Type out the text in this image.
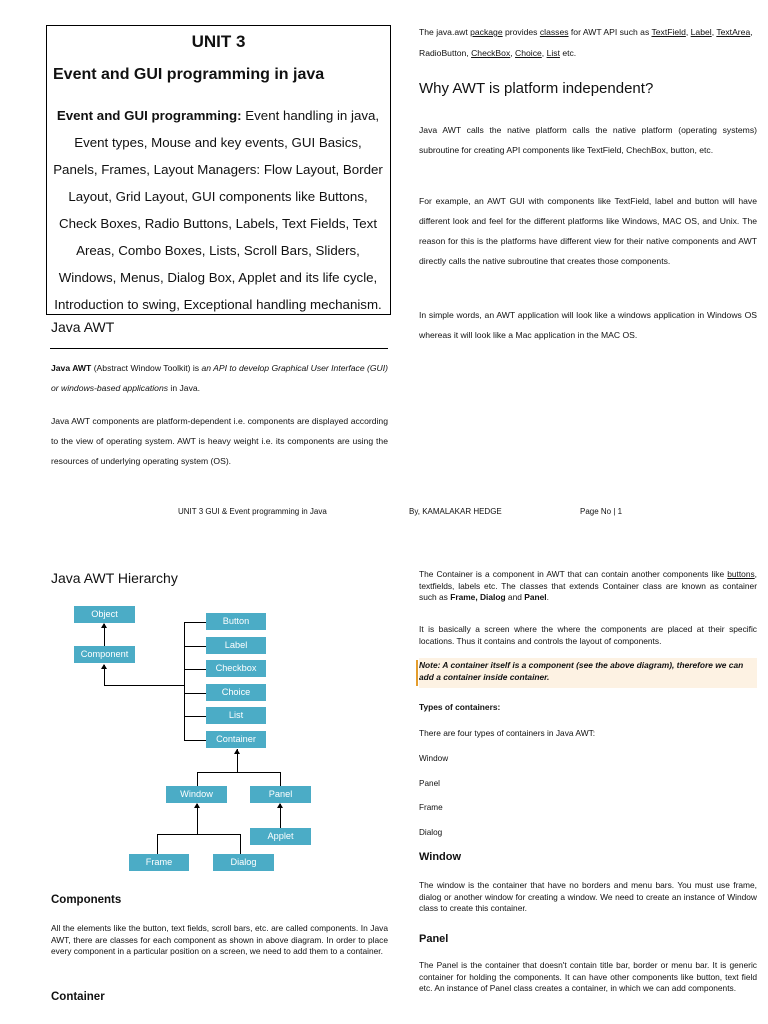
UNIT 3
Event and GUI programming in java
Event and GUI programming: Event handling in java, Event types, Mouse and key events, GUI Basics, Panels, Frames, Layout Managers: Flow Layout, Border Layout, Grid Layout, GUI components like Buttons, Check Boxes, Radio Buttons, Labels, Text Fields, Text Areas, Combo Boxes, Lists, Scroll Bars, Sliders, Windows, Menus, Dialog Box, Applet and its life cycle, Introduction to swing, Exceptional handling mechanism.
Java AWT
Java AWT (Abstract Window Toolkit) is an API to develop Graphical User Interface (GUI) or windows-based applications in Java.
Java AWT components are platform-dependent i.e. components are displayed according to the view of operating system. AWT is heavy weight i.e. its components are using the resources of underlying operating system (OS).
The java.awt package provides classes for AWT API such as TextField, Label, TextArea, RadioButton, CheckBox, Choice, List etc.
Why AWT is platform independent?
Java AWT calls the native platform calls the native platform (operating systems) subroutine for creating API components like TextField, ChechBox, button, etc.
For example, an AWT GUI with components like TextField, label and button will have different look and feel for the different platforms like Windows, MAC OS, and Unix. The reason for this is the platforms have different view for their native components and AWT directly calls the native subroutine that creates those components.
In simple words, an AWT application will look like a windows application in Windows OS whereas it will look like a Mac application in the MAC OS.
UNIT 3 GUI & Event programming in Java	By, KAMALAKAR HEDGE	Page No | 1
Java AWT Hierarchy
Object
Component
Button
Label
Checkbox
Choice
List
Container
Window	Panel
Applet
Frame	Dialog
Components
All the elements like the button, text fields, scroll bars, etc. are called components. In Java AWT, there are classes for each component as shown in above diagram. In order to place every component in a particular position on a screen, we need to add them to a container.
Container
The Container is a component in AWT that can contain another components like buttons, textfields, labels etc. The classes that extends Container class are known as container such as Frame, Dialog and Panel.
It is basically a screen where the where the components are placed at their specific locations. Thus it contains and controls the layout of components.
Note: A container itself is a component (see the above diagram), therefore we can add a container inside container.
Types of containers:
There are four types of containers in Java AWT:
Window
Panel
Frame
Dialog
Window
The window is the container that have no borders and menu bars. You must use frame, dialog or another window for creating a window. We need to create an instance of Window class to create this container.
Panel
The Panel is the container that doesn't contain title bar, border or menu bar. It is generic container for holding the components. It can have other components like button, text field etc. An instance of Panel class creates a container, in which we can add components.
